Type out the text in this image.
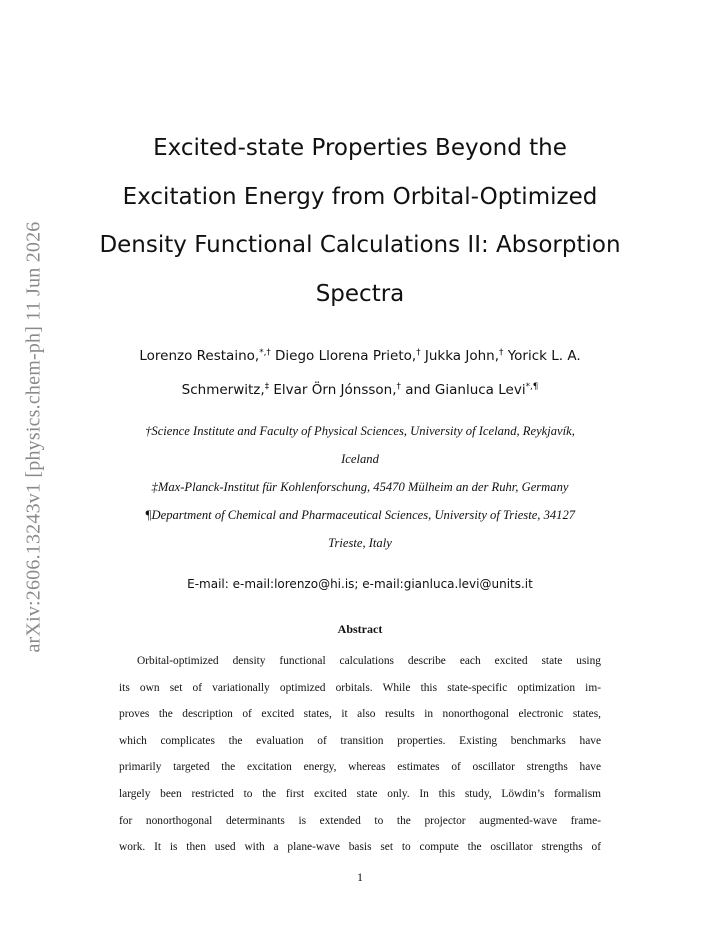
arXiv:2606.13243v1 [physics.chem-ph] 11 Jun 2026
Excited-state Properties Beyond the
Excitation Energy from Orbital-Optimized
Density Functional Calculations II: Absorption
Spectra
Lorenzo Restaino,*,† Diego Llorena Prieto,† Jukka John,† Yorick L. A.
Schmerwitz,‡ Elvar Örn Jónsson,† and Gianluca Levi*,¶
†Science Institute and Faculty of Physical Sciences, University of Iceland, Reykjavík,
Iceland
‡Max-Planck-Institut für Kohlenforschung, 45470 Mülheim an der Ruhr, Germany
¶Department of Chemical and Pharmaceutical Sciences, University of Trieste, 34127
Trieste, Italy
E-mail: e-mail:lorenzo@hi.is; e-mail:gianluca.levi@units.it
Abstract
Orbital-optimized density functional calculations describe each excited state using
its own set of variationally optimized orbitals. While this state-specific optimization im-
proves the description of excited states, it also results in nonorthogonal electronic states,
which complicates the evaluation of transition properties. Existing benchmarks have
primarily targeted the excitation energy, whereas estimates of oscillator strengths have
largely been restricted to the first excited state only. In this study, Löwdin’s formalism
for nonorthogonal determinants is extended to the projector augmented-wave frame-
work. It is then used with a plane-wave basis set to compute the oscillator strengths of
1
